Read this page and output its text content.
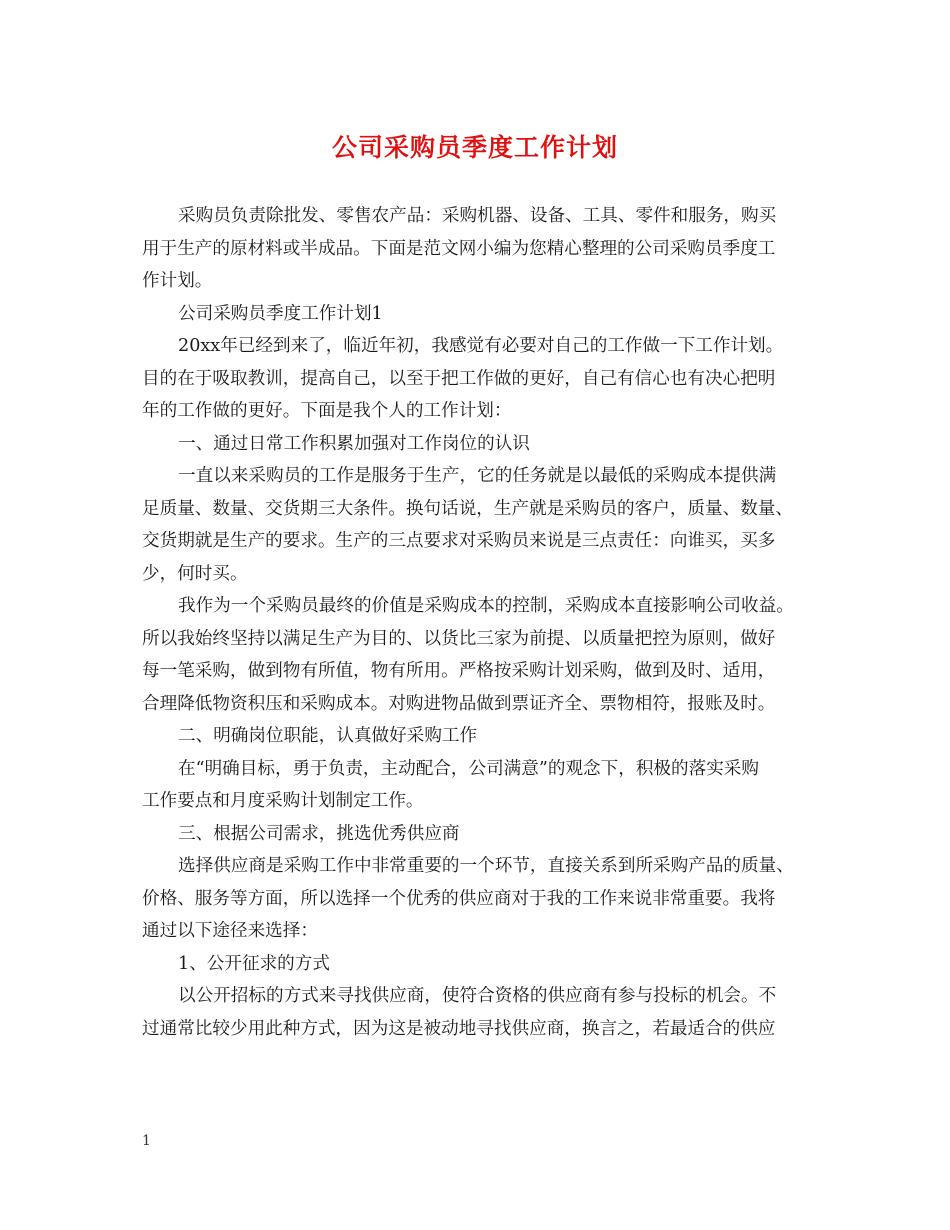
公司采购员季度工作计划
采购员负责除批发、零售农产品：采购机器、设备、工具、零件和服务，购买
用于生产的原材料或半成品。下面是范文网小编为您精心整理的公司采购员季度工
作计划。
公司采购员季度工作计划1
20xx年已经到来了，临近年初，我感觉有必要对自己的工作做一下工作计划。
目的在于吸取教训，提高自己，以至于把工作做的更好，自己有信心也有决心把明
年的工作做的更好。下面是我个人的工作计划：
一、通过日常工作积累加强对工作岗位的认识
一直以来采购员的工作是服务于生产，它的任务就是以最低的采购成本提供满
足质量、数量、交货期三大条件。换句话说，生产就是采购员的客户，质量、数量、
交货期就是生产的要求。生产的三点要求对采购员来说是三点责任：向谁买，买多
少，何时买。
我作为一个采购员最终的价值是采购成本的控制，采购成本直接影响公司收益。
所以我始终坚持以满足生产为目的、以货比三家为前提、以质量把控为原则，做好
每一笔采购，做到物有所值，物有所用。严格按采购计划采购，做到及时、适用，
合理降低物资积压和采购成本。对购进物品做到票证齐全、票物相符，报账及时。
二、明确岗位职能，认真做好采购工作
在“明确目标，勇于负责，主动配合，公司满意”的观念下，积极的落实采购
工作要点和月度采购计划制定工作。
三、根据公司需求，挑选优秀供应商
选择供应商是采购工作中非常重要的一个环节，直接关系到所采购产品的质量、
价格、服务等方面，所以选择一个优秀的供应商对于我的工作来说非常重要。我将
通过以下途径来选择：
1、公开征求的方式
以公开招标的方式来寻找供应商，使符合资格的供应商有参与投标的机会。不
过通常比较少用此种方式，因为这是被动地寻找供应商，换言之，若最适合的供应
1
